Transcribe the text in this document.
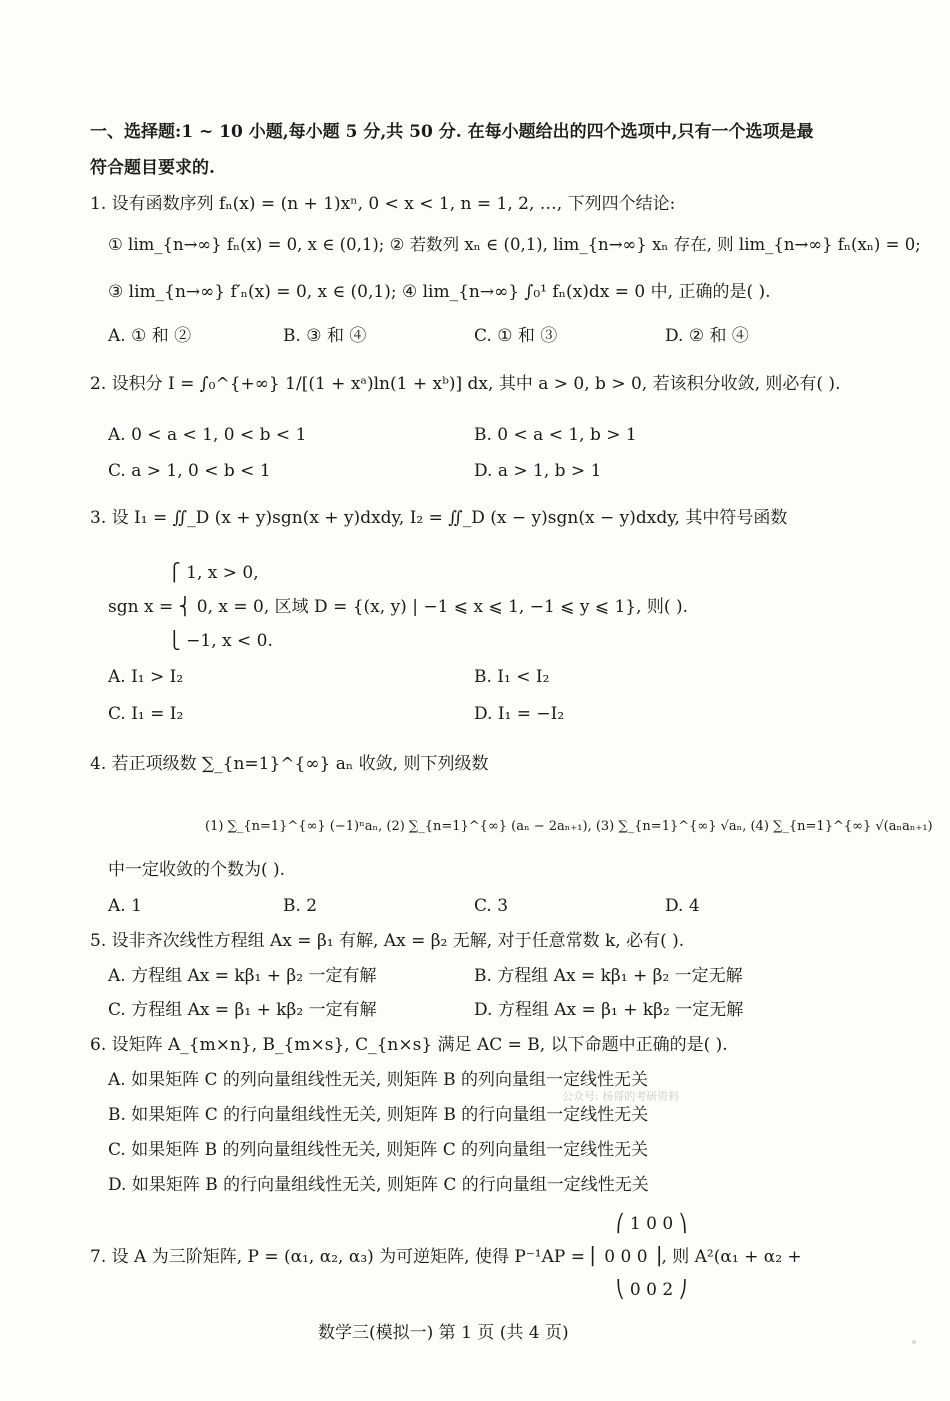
一、选择题:1 ~ 10 小题,每小题 5 分,共 50 分. 在每小题给出的四个选项中,只有一个选项是最
符合题目要求的.
1. 设有函数序列 fₙ(x) = (n + 1)xⁿ, 0 < x < 1, n = 1, 2, …, 下列四个结论:
① lim_{n→∞} fₙ(x) = 0, x ∈ (0,1); ② 若数列 xₙ ∈ (0,1), lim_{n→∞} xₙ 存在, 则 lim_{n→∞} fₙ(xₙ) = 0;
③ lim_{n→∞} f′ₙ(x) = 0, x ∈ (0,1); ④ lim_{n→∞} ∫₀¹ fₙ(x)dx = 0 中, 正确的是( ).
A. ① 和 ②	B. ③ 和 ④	C. ① 和 ③	D. ② 和 ④
2. 设积分 I = ∫₀^{+∞} 1/[(1 + xᵃ)ln(1 + xᵇ)] dx, 其中 a > 0, b > 0, 若该积分收敛, 则必有( ).
A. 0 < a < 1, 0 < b < 1	B. 0 < a < 1, b > 1
C. a > 1, 0 < b < 1	D. a > 1, b > 1
3. 设 I₁ = ∬_D (x + y)sgn(x + y)dxdy, I₂ = ∬_D (x − y)sgn(x − y)dxdy, 其中符号函数
⎧ 1, x > 0,
sgn x = ⎨ 0, x = 0, 区域 D = {(x, y) | −1 ⩽ x ⩽ 1, −1 ⩽ y ⩽ 1}, 则( ).
⎩ −1, x < 0.
A. I₁ > I₂	B. I₁ < I₂
C. I₁ = I₂	D. I₁ = −I₂
4. 若正项级数 ∑_{n=1}^{∞} aₙ 收敛, 则下列级数
(1) ∑_{n=1}^{∞} (−1)ⁿaₙ, (2) ∑_{n=1}^{∞} (aₙ − 2aₙ₊₁), (3) ∑_{n=1}^{∞} √aₙ, (4) ∑_{n=1}^{∞} √(aₙaₙ₊₁)
中一定收敛的个数为( ).
A. 1	B. 2	C. 3	D. 4
5. 设非齐次线性方程组 Ax = β₁ 有解, Ax = β₂ 无解, 对于任意常数 k, 必有( ).
A. 方程组 Ax = kβ₁ + β₂ 一定有解	B. 方程组 Ax = kβ₁ + β₂ 一定无解
C. 方程组 Ax = β₁ + kβ₂ 一定有解	D. 方程组 Ax = β₁ + kβ₂ 一定无解
6. 设矩阵 A_{m×n}, B_{m×s}, C_{n×s} 满足 AC = B, 以下命题中正确的是( ).
A. 如果矩阵 C 的列向量组线性无关, 则矩阵 B 的列向量组一定线性无关
B. 如果矩阵 C 的行向量组线性无关, 则矩阵 B 的行向量组一定线性无关
C. 如果矩阵 B 的列向量组线性无关, 则矩阵 C 的列向量组一定线性无关
D. 如果矩阵 B 的行向量组线性无关, 则矩阵 C 的行向量组一定线性无关
公众号: 杨哥的考研资料
⎛ 1 0 0 ⎞
7. 设 A 为三阶矩阵, P = (α₁, α₂, α₃) 为可逆矩阵, 使得 P⁻¹AP = ⎜ 0 0 0 ⎟, 则 A²(α₁ + α₂ +
⎝ 0 0 2 ⎠
数学三(模拟一) 第 1 页 (共 4 页)
